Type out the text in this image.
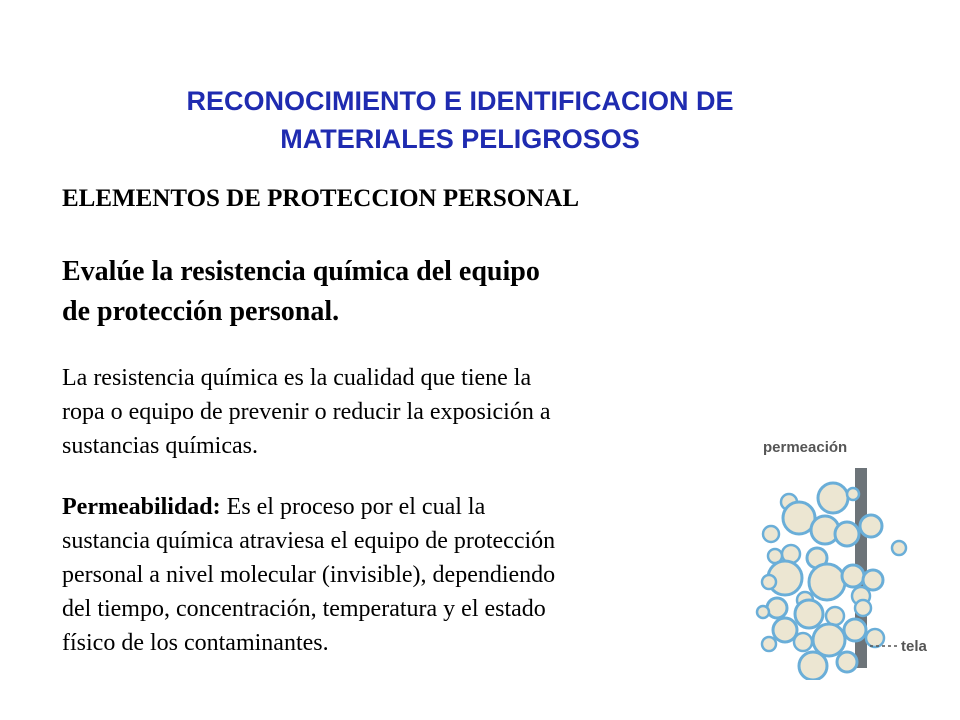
RECONOCIMIENTO E IDENTIFICACION DE
MATERIALES PELIGROSOS
ELEMENTOS DE PROTECCION PERSONAL
Evalúe la resistencia química del equipo
de protección personal.
La resistencia química es la cualidad que tiene la
ropa o equipo de prevenir o reducir la exposición a
sustancias químicas.
Permeabilidad: Es el proceso por el cual la
sustancia química atraviesa el equipo de protección
personal a nivel molecular (invisible), dependiendo
del tiempo, concentración, temperatura y el estado
físico de los contaminantes.
permeación
tela
